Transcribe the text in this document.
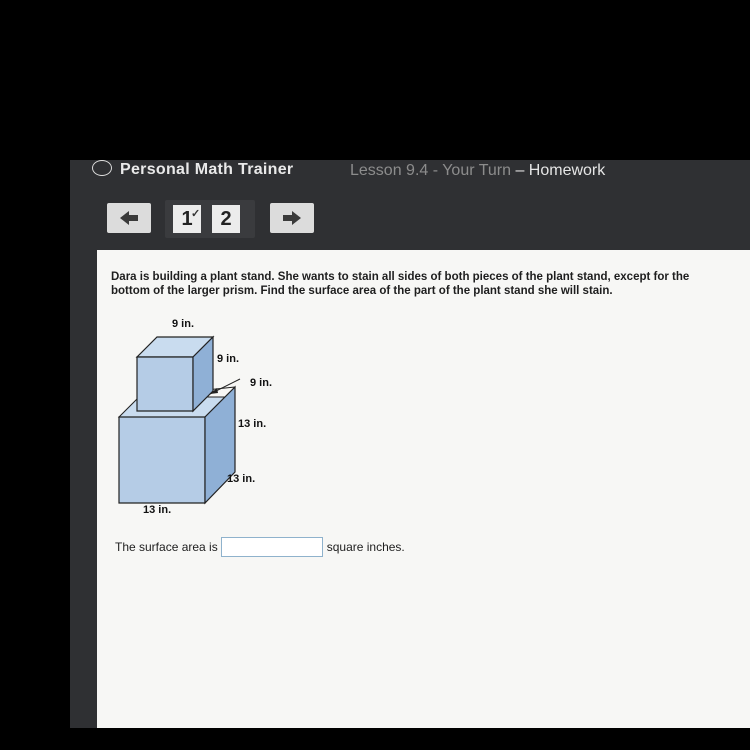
Personal Math Trainer	Lesson 9.4 - Your Turn – Homework
1
✓	2
Dara is building a plant stand. She wants to stain all sides of both pieces of the plant stand, except for the bottom of the larger prism. Find the surface area of the part of the plant stand she will stain.
9 in.
9 in.
9 in.
13 in.
13 in.
13 in.
The surface area is	square inches.
